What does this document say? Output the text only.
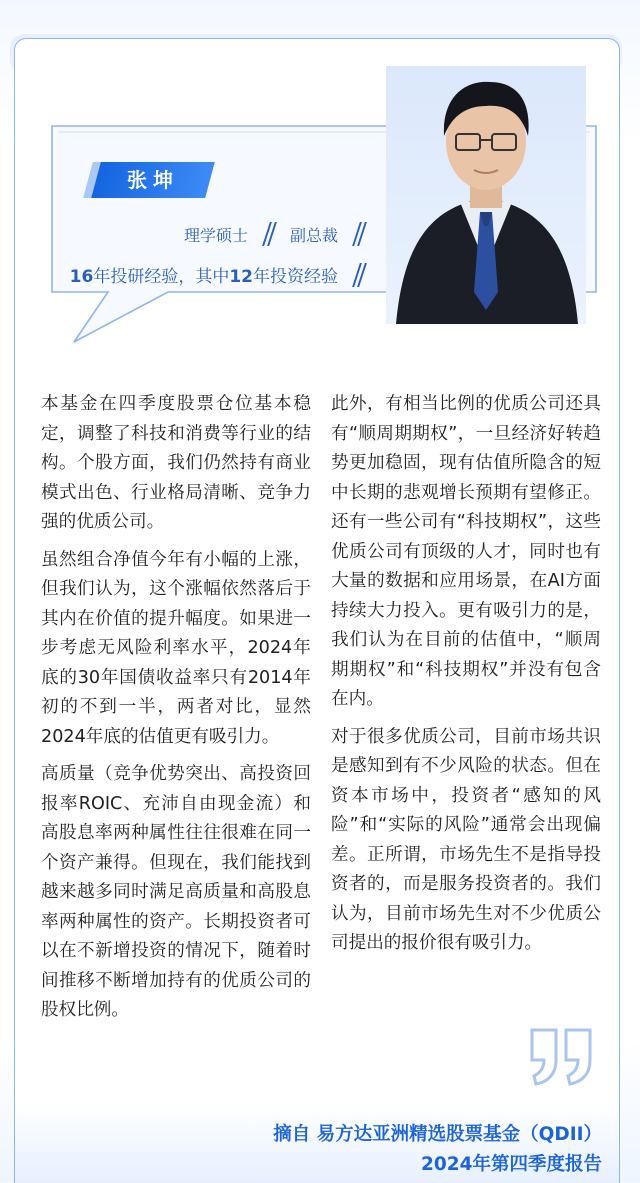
张坤
理学硕士	副总裁
16年投研经验，其中12年投资经验

本基金在四季度股票仓位基本稳定，调整了科技和消费等行业的结构。个股方面，我们仍然持有商业模式出色、行业格局清晰、竞争力强的优质公司。

虽然组合净值今年有小幅的上涨，但我们认为，这个涨幅依然落后于其内在价值的提升幅度。如果进一步考虑无风险利率水平，2024年底的30年国债收益率只有2014年初的不到一半，两者对比，显然2024年底的估值更有吸引力。

高质量（竞争优势突出、高投资回报率ROIC、充沛自由现金流）和高股息率两种属性往往很难在同一个资产兼得。但现在，我们能找到越来越多同时满足高质量和高股息率两种属性的资产。长期投资者可以在不新增投资的情况下，随着时间推移不断增加持有的优质公司的股权比例。

此外，有相当比例的优质公司还具有“顺周期期权”，一旦经济好转趋势更加稳固，现有估值所隐含的短中长期的悲观增长预期有望修正。还有一些公司有“科技期权”，这些优质公司有顶级的人才，同时也有大量的数据和应用场景，在AI方面持续大力投入。更有吸引力的是，我们认为在目前的估值中，“顺周期期权”和“科技期权”并没有包含在内。

对于很多优质公司，目前市场共识是感知到有不少风险的状态。但在资本市场中，投资者“感知的风险”和“实际的风险”通常会出现偏差。正所谓，市场先生不是指导投资者的，而是服务投资者的。我们认为，目前市场先生对不少优质公司提出的报价很有吸引力。

摘自 易方达亚洲精选股票基金（QDII）
2024年第四季度报告
